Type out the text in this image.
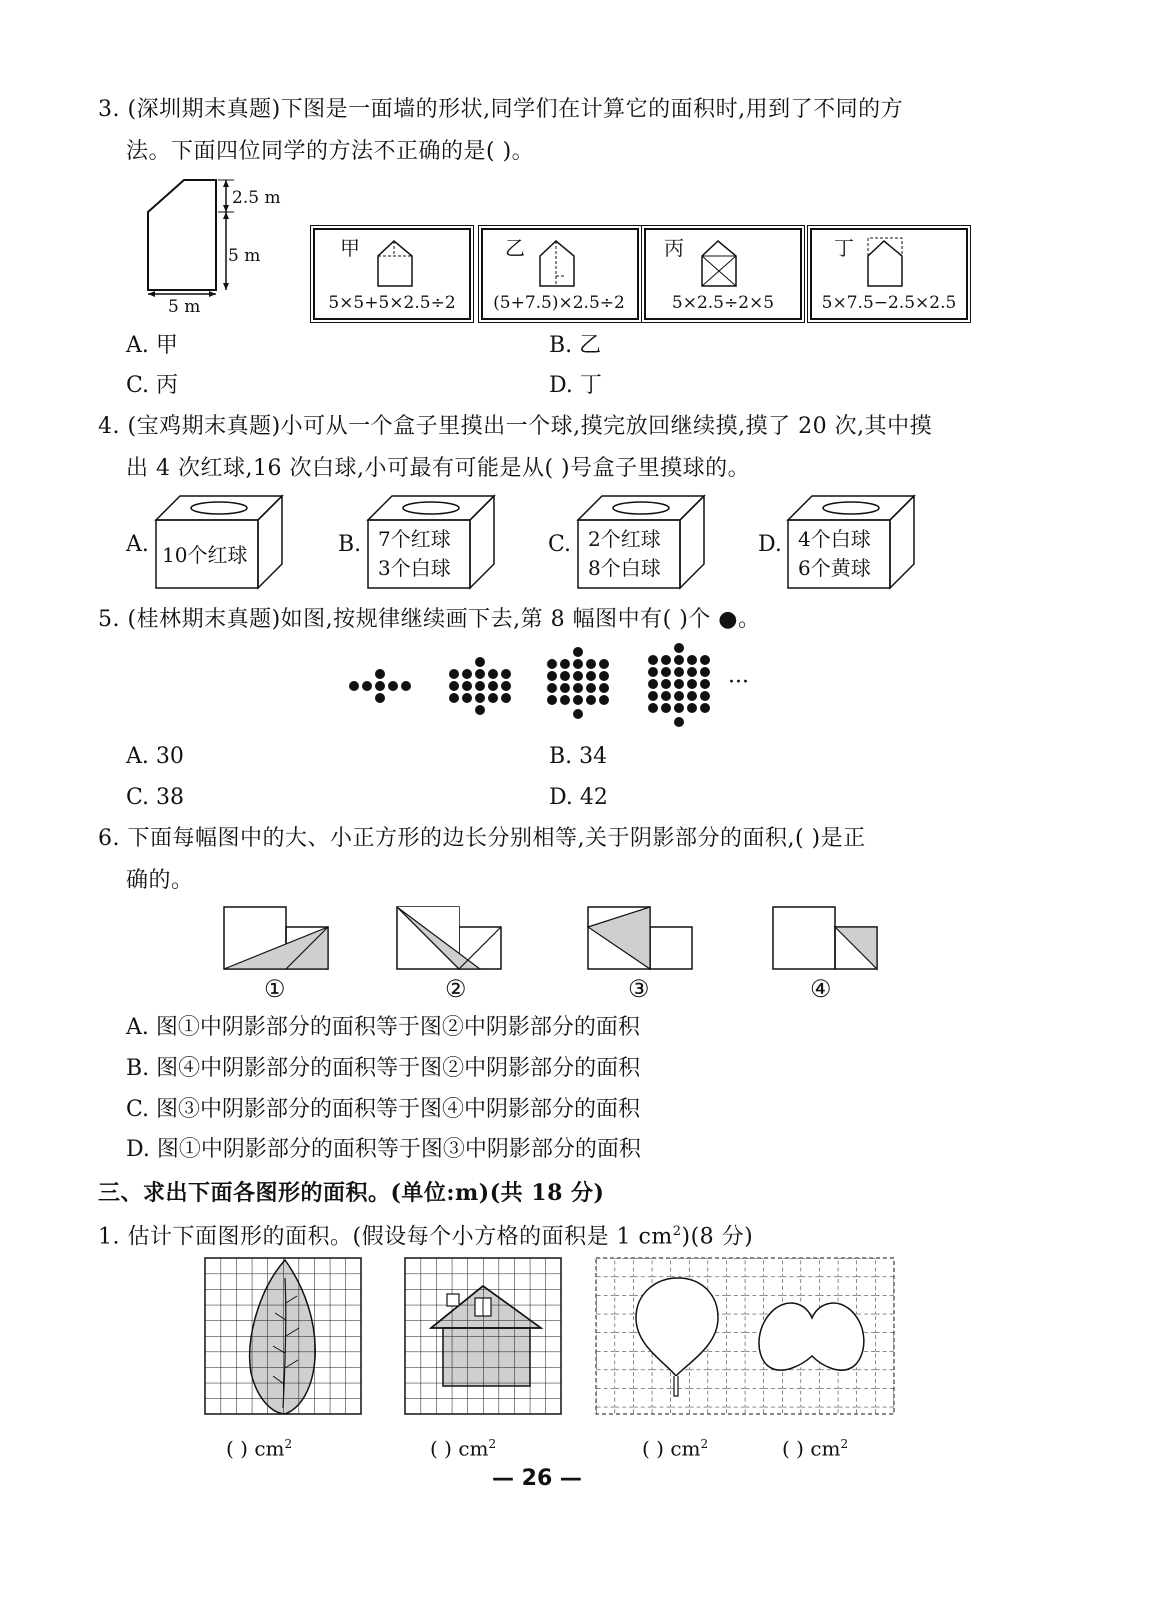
3. (深圳期末真题)下图是一面墙的形状,同学们在计算它的面积时,用到了不同的方
法。下面四位同学的方法不正确的是( )。
2.5 m
5 m
5 m
甲	乙	丙	丁
5×5+5×2.5÷2	(5+7.5)×2.5÷2	5×2.5÷2×5	5×7.5−2.5×2.5
A. 甲	B. 乙
C. 丙	D. 丁
4. (宝鸡期末真题)小可从一个盒子里摸出一个球,摸完放回继续摸,摸了 20 次,其中摸
出 4 次红球,16 次白球,小可最有可能是从( )号盒子里摸球的。
A. 10个红球	B. 7个红球
3个白球
C. 2个红球
8个白球
D. 4个白球
6个黄球
5. (桂林期末真题)如图,按规律继续画下去,第 8 幅图中有( )个 ●。
···
A. 30	B. 34
C. 38	D. 42
6. 下面每幅图中的大、小正方形的边长分别相等,关于阴影部分的面积,( )是正
确的。
①	②	③	④
A. 图①中阴影部分的面积等于图②中阴影部分的面积
B. 图④中阴影部分的面积等于图②中阴影部分的面积
C. 图③中阴影部分的面积等于图④中阴影部分的面积
D. 图①中阴影部分的面积等于图③中阴影部分的面积
三、求出下面各图形的面积。(单位:m)(共 18 分)
1. 估计下面图形的面积。(假设每个小方格的面积是 1 $cm^2)(8$ 分)
( ) $cm^2$	( ) $cm^2$	( ) $cm^2$	( ) $cm^2$
— 26 —
